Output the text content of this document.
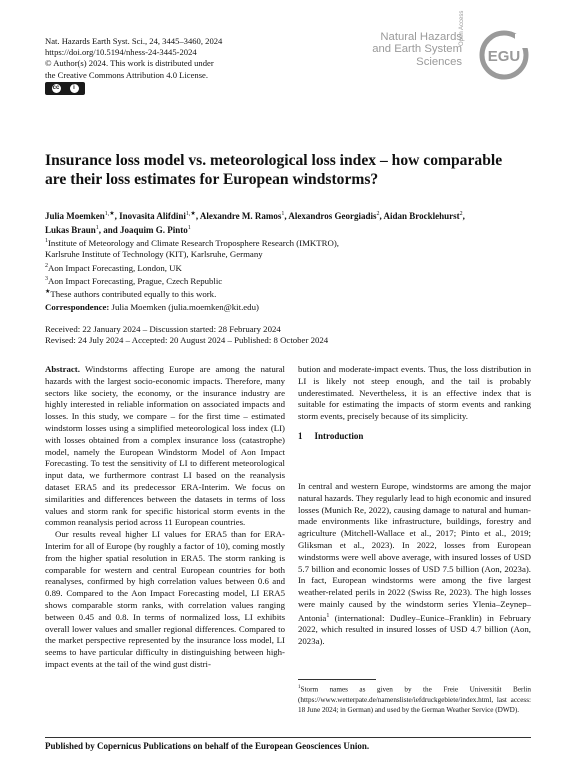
Nat. Hazards Earth Syst. Sci., 24, 3445–3460, 2024
https://doi.org/10.5194/nhess-24-3445-2024
© Author(s) 2024. This work is distributed under
the Creative Commons Attribution 4.0 License.
cc	i
Natural Hazards
and Earth System
Sciences
Open Access
EGU
Insurance loss model vs. meteorological loss index – how comparable are their loss estimates for European windstorms?
Julia Moemken$^{1,★}$, Inovasita Alifdini$^{1,★}$, Alexandre M. Ramos$^1$, Alexandros Georgiadis$^2$, Aidan Brocklehurst$^2$,
Lukas Braun$^1$, and Joaquim G. Pinto$^1$
$^1$Institute of Meteorology and Climate Research Troposphere Research (IMKTRO),
Karlsruhe Institute of Technology (KIT), Karlsruhe, Germany
$^2$Aon Impact Forecasting, London, UK
$^3$Aon Impact Forecasting, Prague, Czech Republic
★These authors contributed equally to this work.
Correspondence: Julia Moemken (julia.moemken@kit.edu)
Received: 22 January 2024 – Discussion started: 28 February 2024
Revised: 24 July 2024 – Accepted: 20 August 2024 – Published: 8 October 2024

Abstract. Windstorms affecting Europe are among the natural hazards with the largest socio-economic impacts. Therefore, many sectors like society, the economy, or the insurance industry are highly interested in reliable information on associated impacts and losses. In this study, we compare – for the first time – estimated windstorm losses using a simplified meteorological loss index (LI) with losses obtained from a complex insurance loss (catastrophe) model, namely the European Windstorm Model of Aon Impact Forecasting. To test the sensitivity of LI to different meteorological input data, we furthermore contrast LI based on the reanalysis dataset ERA5 and its predecessor ERA-Interim. We focus on similarities and differences between the datasets in terms of loss values and storm rank for specific historical storm events in the common reanalysis period across 11 European countries.

Our results reveal higher LI values for ERA5 than for ERA-Interim for all of Europe (by roughly a factor of 10), coming mostly from the higher spatial resolution in ERA5. The storm ranking is comparable for western and central European countries for both reanalyses, confirmed by high correlation values between 0.6 and 0.89. Compared to the Aon Impact Forecasting model, LI ERA5 shows comparable storm ranks, with correlation values ranging between 0.45 and 0.8. In terms of normalized loss, LI exhibits overall lower values and smaller regional differences. Compared to the market perspective represented by the insurance loss model, LI seems to have particular difficulty in distinguishing between high-impact events at the tail of the wind gust distri-

bution and moderate-impact events. Thus, the loss distribution in LI is likely not steep enough, and the tail is probably underestimated. Nevertheless, it is an effective index that is suitable for estimating the impacts of storm events and ranking storm events, precisely because of its simplicity.
1 Introduction
In central and western Europe, windstorms are among the major natural hazards. They regularly lead to high economic and insured losses (Munich Re, 2022), causing damage to natural and human-made environments like infrastructure, buildings, forestry and agriculture (Mitchell-Wallace et al., 2017; Pinto et al., 2019; Gliksman et al., 2023). In 2022, losses from European windstorms were well above average, with insured losses of USD 5.7 billion and economic losses of USD 7.5 billion (Aon, 2023a). In fact, European windstorms were among the five largest weather-related perils in 2022 (Swiss Re, 2023). The high losses were mainly caused by the windstorm series Ylenia–Zeynep–Antonia$^1$ (international: Dudley–Eunice–Franklin) in February 2022, which resulted in insured losses of USD 4.7 billion (Aon, 2023a).
$^1$Storm names as given by the Freie Universität Berlin (https://www.wetterpate.de/namensliste/iefdruckgebiete/index.html, last access: 18 June 2024; in German) and used by the German Weather Service (DWD).
Published by Copernicus Publications on behalf of the European Geosciences Union.
